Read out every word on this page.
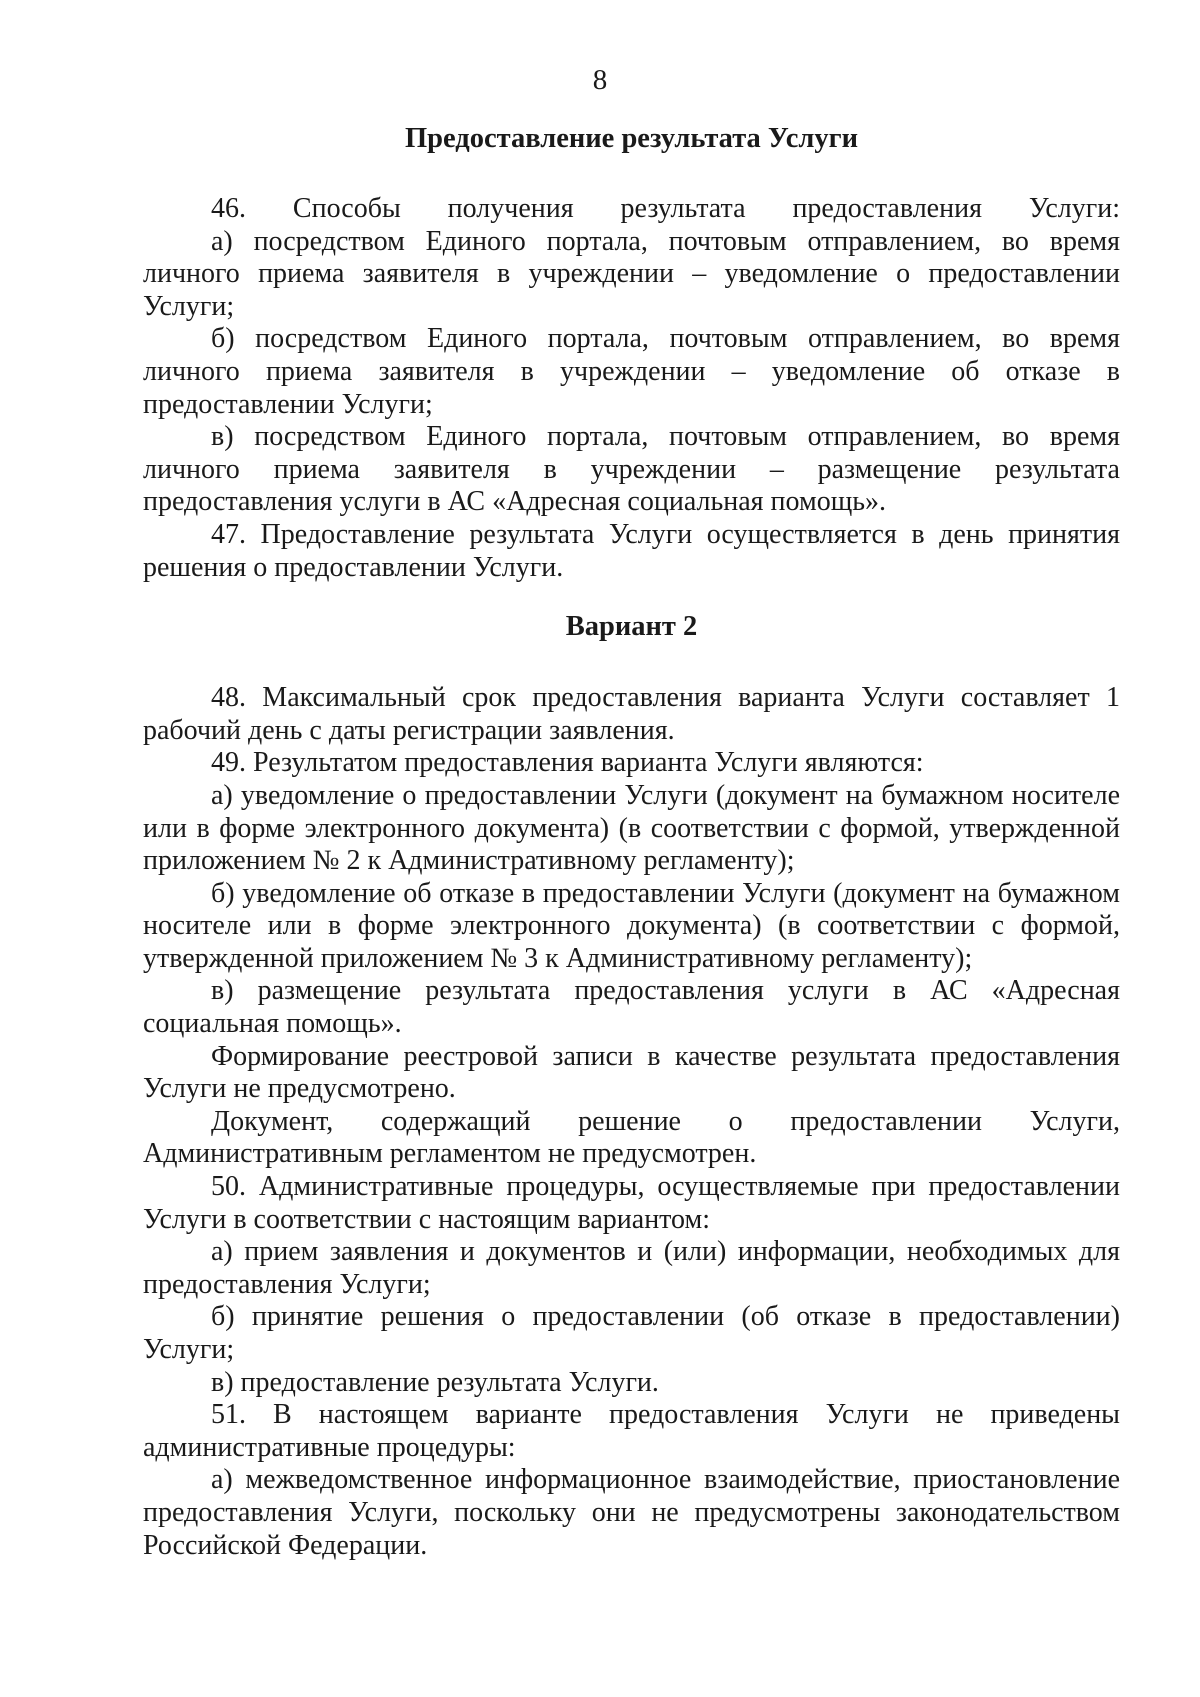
8
Предоставление результата Услуги

46. Способы получения результата предоставления Услуги:

а) посредством Единого портала, почтовым отправлением, во время личного приема заявителя в учреждении – уведомление о предоставлении Услуги;

б) посредством Единого портала, почтовым отправлением, во время личного приема заявителя в учреждении – уведомление об отказе в предоставлении Услуги;

в) посредством Единого портала, почтовым отправлением, во время личного приема заявителя в учреждении – размещение результата предоставления услуги в АС «Адресная социальная помощь».

47. Предоставление результата Услуги осуществляется в день принятия решения о предоставлении Услуги.

Вариант 2

48. Максимальный срок предоставления варианта Услуги составляет 1 рабочий день с даты регистрации заявления.

49. Результатом предоставления варианта Услуги являются:

а) уведомление о предоставлении Услуги (документ на бумажном носителе или в форме электронного документа) (в соответствии с формой, утвержденной приложением № 2 к Административному регламенту);

б) уведомление об отказе в предоставлении Услуги (документ на бумажном носителе или в форме электронного документа) (в соответствии с формой, утвержденной приложением № 3 к Административному регламенту);

в) размещение результата предоставления услуги в АС «Адресная социальная помощь».

Формирование реестровой записи в качестве результата предоставления Услуги не предусмотрено.

Документ, содержащий решение о предоставлении Услуги, Административным регламентом не предусмотрен.

50. Административные процедуры, осуществляемые при предоставлении Услуги в соответствии с настоящим вариантом:

а) прием заявления и документов и (или) информации, необходимых для предоставления Услуги;

б) принятие решения о предоставлении (об отказе в предоставлении) Услуги;

в) предоставление результата Услуги.

51. В настоящем варианте предоставления Услуги не приведены административные процедуры:

а) межведомственное информационное взаимодействие, приостановление предоставления Услуги, поскольку они не предусмотрены законодательством Российской Федерации.
